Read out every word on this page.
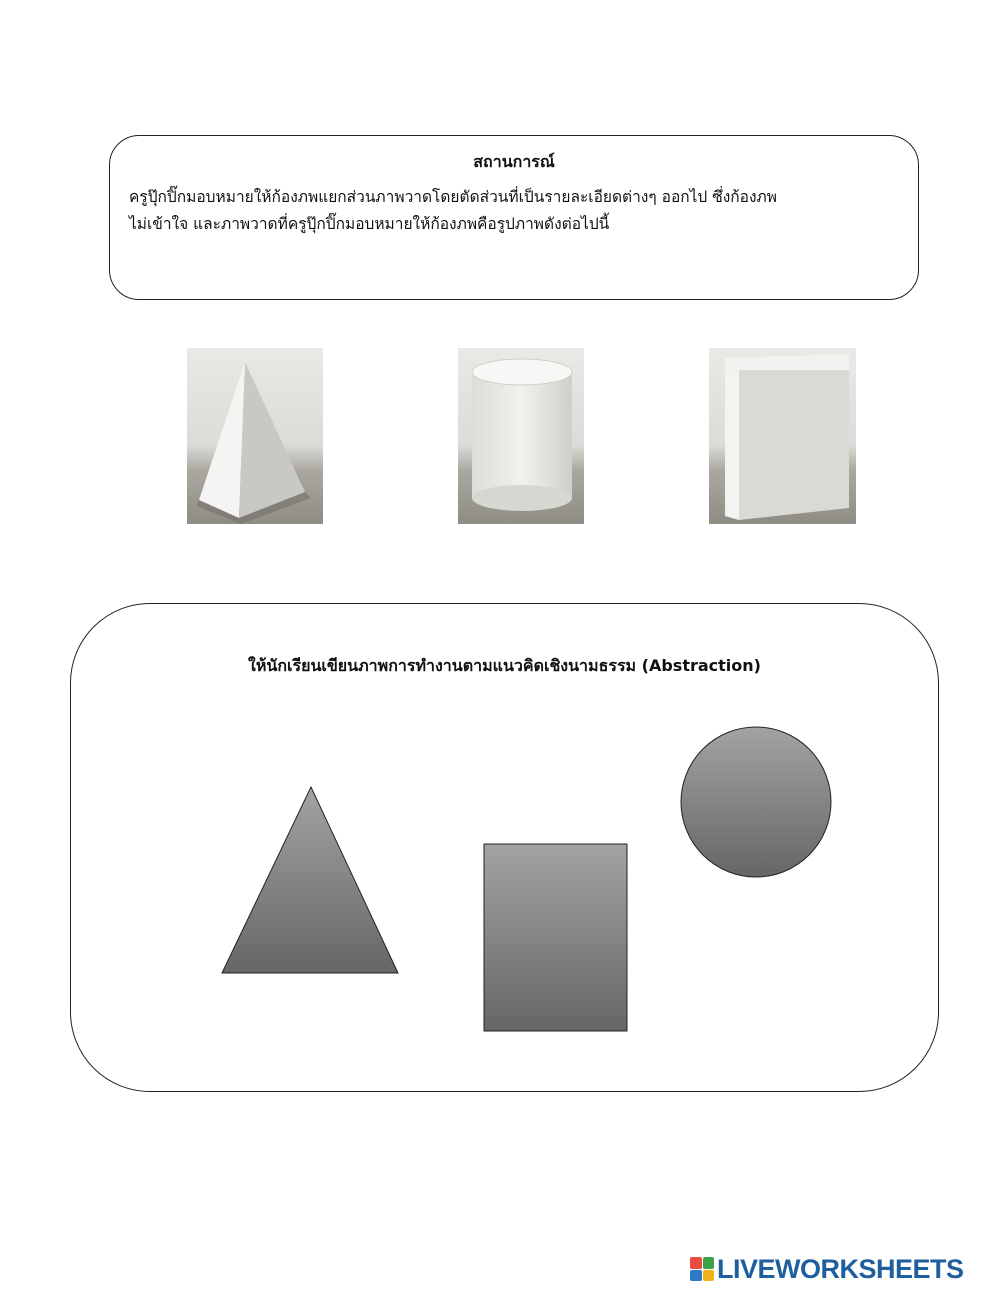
สถานการณ์

ครูปุ๊กปิ๊กมอบหมายให้ก้องภพแยกส่วนภาพวาดโดยตัดส่วนที่เป็นรายละเอียดต่างๆ ออกไป ซึ่งก้องภพ

ไม่เข้าใจ และภาพวาดที่ครูปุ๊กปิ๊กมอบหมายให้ก้องภพคือรูปภาพดังต่อไปนี้

ให้นักเรียนเขียนภาพการทำงานตามแนวคิดเชิงนามธรรม (Abstraction)
LIVEWORKSHEETS
